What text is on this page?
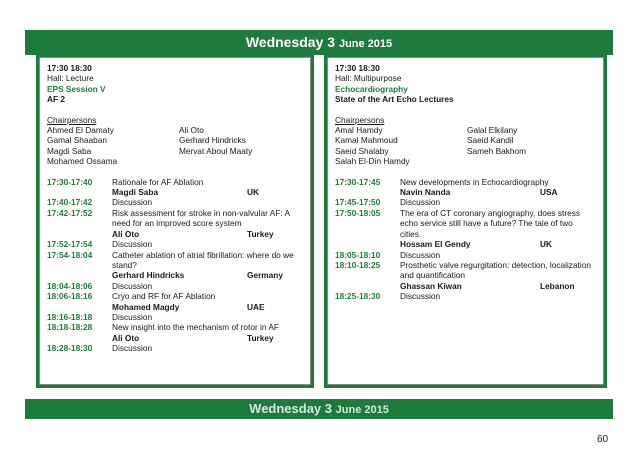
Wednesday 3 June 2015
Wednesday 3 June 2015
17:30 18:30
Hall: Lecture
EPS Session V
AF 2
Chairpersons
Ahmed El Damaty	Ali Oto
Gamal Shaaban	Gerhard Hindricks
Magdi Saba	Mervat Aboul Maaty
Mohamed Ossama
17:30-17:40	Rationale for AF Ablation
Magdi Saba	UK
17:40-17:42	Discussion
17:42-17:52	Risk assessment for stroke in non-valvular AF: A need for an improved score system
Ali Oto	Turkey
17:52-17:54	Discussion
17:54-18:04	Catheter ablation of atrial fibrillation: where do we stand?
Gerhard Hindricks	Germany
18:04-18:06	Discussion
18:06-18:16	Cryo and RF for AF Ablation
Mohamed Magdy	UAE
18:16-18:18	Discussion
18:18-18:28	New insight into the mechanism of rotor in AF
Ali Oto	Turkey
18:28-18:30	Discussion
17:30 18:30
Hall: Multipurpose
Echocardiography
State of the Art Echo Lectures
Chairpersons
Amal Hamdy	Galal Elkilany
Kamal Mahmoud	Saeid Kandil
Saeid Shalaby	Sameh Bakhom
Salah El-Din Hamdy
17:30-17:45	New developments in Echocardiography
Navin Nanda	USA
17:45-17:50	Discussion
17:50-18:05	The era of CT coronary angiography, does stress echo service still have a future? The tale of two cities.
Hossam El Gendy	UK
18:05-18:10	Discussion
18:10-18:25	Prosthetic valve regurgitation: detection, localization and quantification
Ghassan Kiwan	Lebanon
18:25-18:30	Discussion
60
